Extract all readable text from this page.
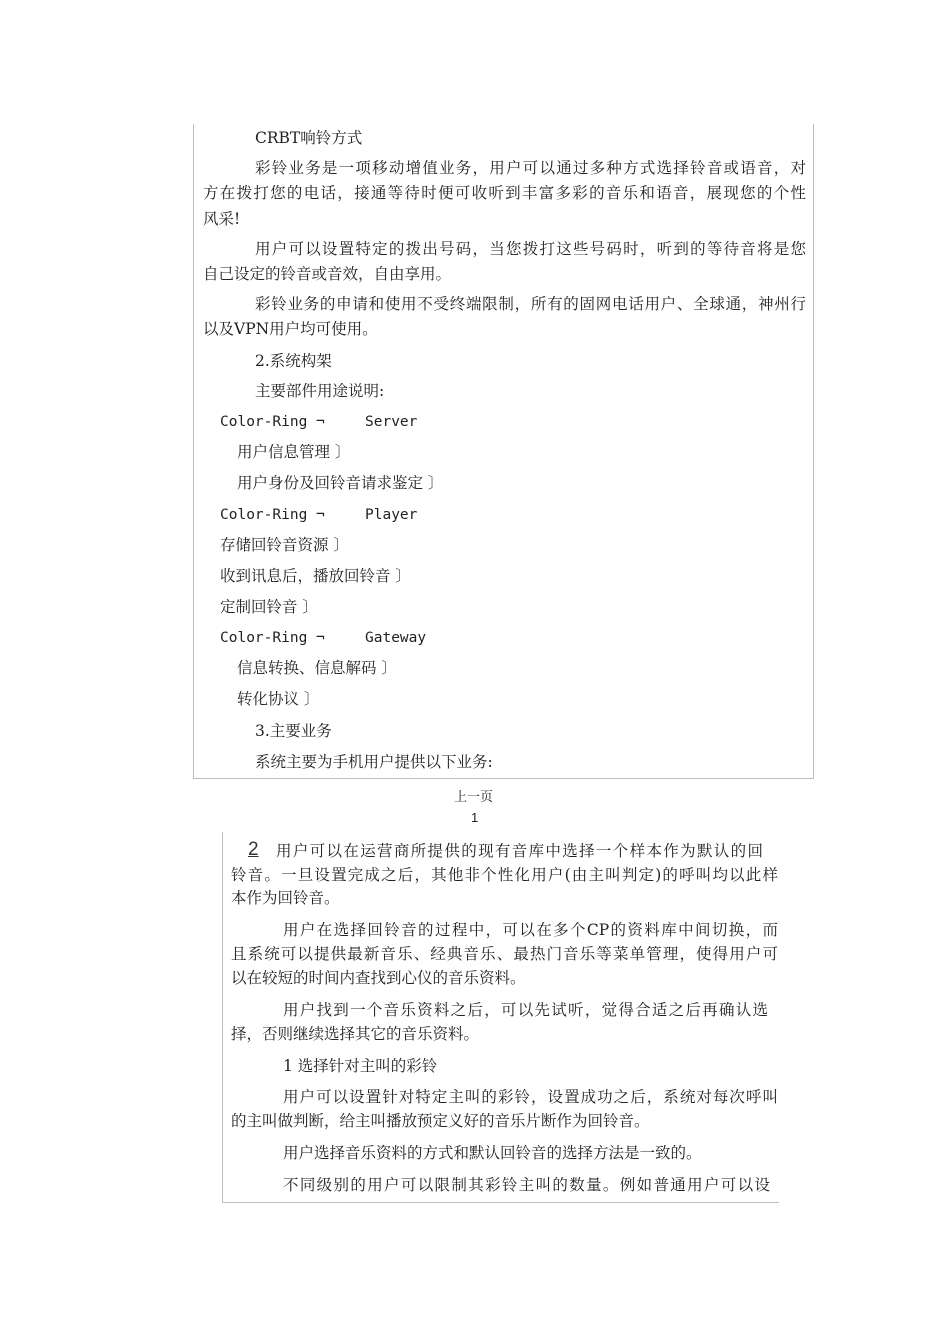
CRBT响铃方式
彩铃业务是一项移动增值业务，用户可以通过多种方式选择铃音或语音，对
方在拨打您的电话，接通等待时便可收听到丰富多彩的音乐和语音，展现您的个性
风采!
用户可以设置特定的拨出号码，当您拨打这些号码时，听到的等待音将是您
自己设定的铃音或音效，自由享用。
彩铃业务的申请和使用不受终端限制，所有的固网电话用户、全球通，神州行
以及VPN用户均可使用。
2.系统构架
主要部件用途说明:
Color-Ring ¬	Server
用户信息管理 〕
用户身份及回铃音请求鉴定 〕
Color-Ring ¬	Player
存储回铃音资源 〕
收到讯息后，播放回铃音 〕
定制回铃音 〕
Color-Ring ¬	Gateway
信息转换、信息解码 〕
转化协议 〕
3.主要业务
系统主要为手机用户提供以下业务:
上一页
1
2 用户可以在运营商所提供的现有音库中选择一个样本作为默认的回
铃音。一旦设置完成之后，其他非个性化用户(由主叫判定)的呼叫均以此样
本作为回铃音。
用户在选择回铃音的过程中，可以在多个CP的资料库中间切换，而
且系统可以提供最新音乐、经典音乐、最热门音乐等菜单管理，使得用户可
以在较短的时间内查找到心仪的音乐资料。
用户找到一个音乐资料之后，可以先试听，觉得合适之后再确认选
择，否则继续选择其它的音乐资料。
1 选择针对主叫的彩铃
用户可以设置针对特定主叫的彩铃，设置成功之后，系统对每次呼叫
的主叫做判断，给主叫播放预定义好的音乐片断作为回铃音。
用户选择音乐资料的方式和默认回铃音的选择方法是一致的。
不同级别的用户可以限制其彩铃主叫的数量。例如普通用户可以设
